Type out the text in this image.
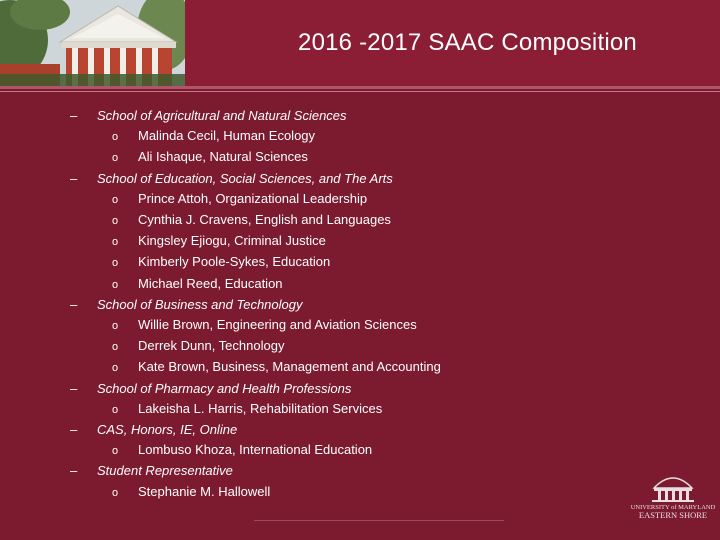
2016 -2017 SAAC Composition
–	School of Agricultural and Natural Sciences
o	Malinda Cecil, Human Ecology
o	Ali Ishaque, Natural Sciences
–	School of Education, Social Sciences, and The Arts
o	Prince Attoh, Organizational Leadership
o	Cynthia J. Cravens, English and Languages
o	Kingsley Ejiogu, Criminal Justice
o	Kimberly Poole-Sykes, Education
o	Michael Reed, Education
–	School of Business and Technology
o	Willie Brown, Engineering and Aviation Sciences
o	Derrek Dunn, Technology
o	Kate Brown, Business, Management and Accounting
–	School of Pharmacy and Health Professions
o	Lakeisha L. Harris, Rehabilitation Services
–	CAS, Honors, IE, Online
o	Lombuso Khoza, International Education
–	Student Representative
o	Stephanie M. Hallowell
UNIVERSITY of MARYLAND
EASTERN SHORE
